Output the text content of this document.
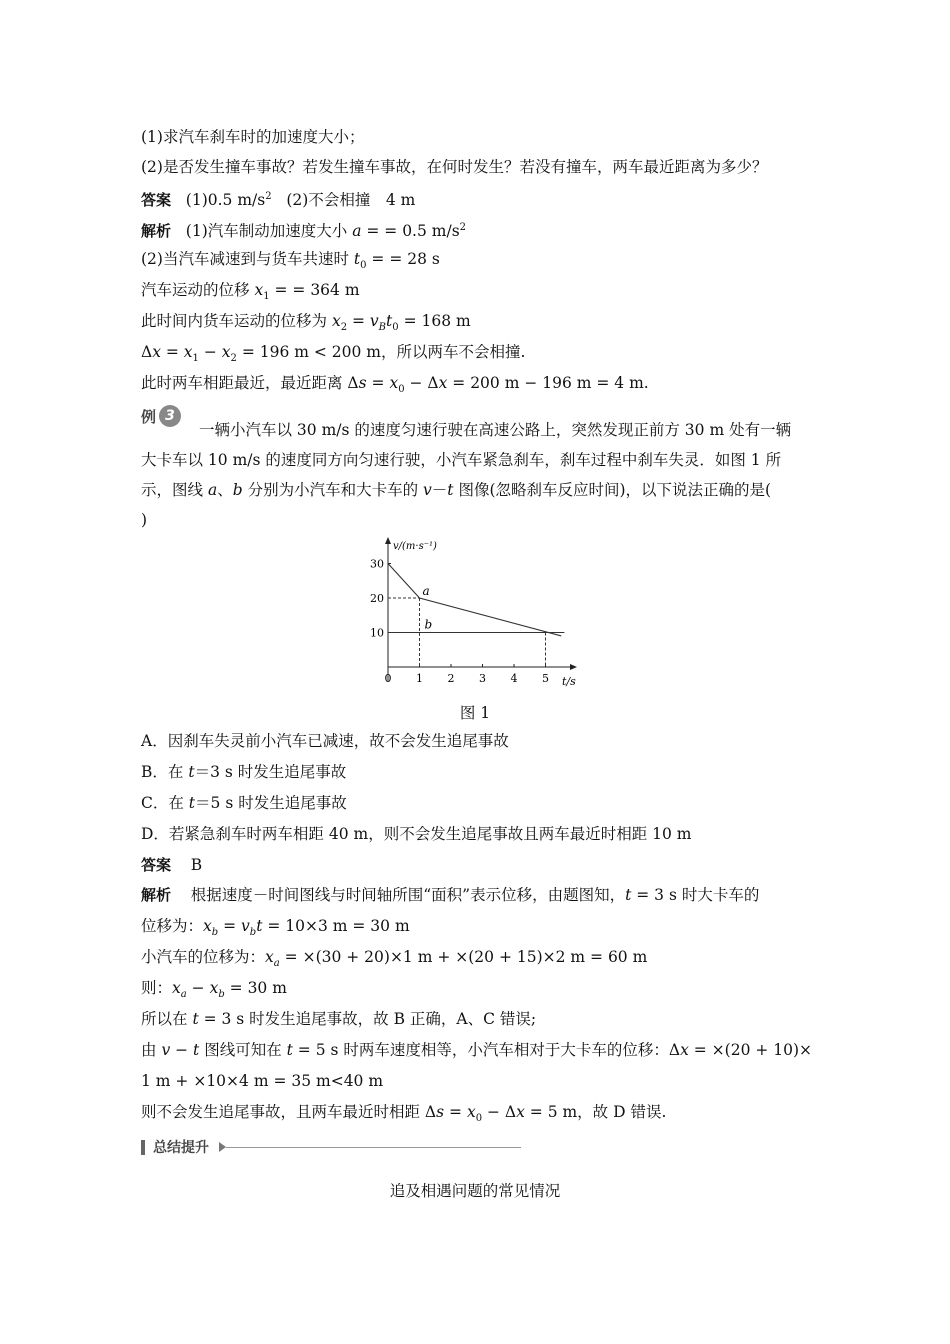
(1)求汽车刹车时的加速度大小；
(2)是否发生撞车事故？若发生撞车事故，在何时发生？若没有撞车，两车最近距离为多少？
答案 (1)0.5 $m/s^2$ (2)不会相撞　4 m
解析 (1)汽车制动加速度大小 a = = 0.5 $m/s^2$
(2)当汽车减速到与货车共速时 $t_0$ = = 28 s
汽车运动的位移 $x_1$ = = 364 m
此时间内货车运动的位移为 $x_2 = v_Bt_0 = 168$ m
$\Delta x = x_1 - x_2 = 196$ m < 200 m，所以两车不会相撞.
此时两车相距最近，最近距离 $\Delta s = x_0 - \Delta x = 200$ m − 196 m = 4 m.
例 3
一辆小汽车以 30 m/s 的速度匀速行驶在高速公路上，突然发现正前方 30 m 处有一辆
大卡车以 10 m/s 的速度同方向匀速行驶，小汽车紧急刹车，刹车过程中刹车失灵．如图 1 所
示，图线 a、b 分别为小汽车和大卡车的 v－t 图像(忽略刹车反应时间)，以下说法正确的是(
)
v/(m·s⁻¹)
t/s
0 1 2 3 4 5
10
20
30
a
b
图 1
A．因刹车失灵前小汽车已减速，故不会发生追尾事故
B．在 t＝3 s 时发生追尾事故
C．在 t＝5 s 时发生追尾事故
D．若紧急刹车时两车相距 40 m，则不会发生追尾事故且两车最近时相距 10 m
答案 B
解析 根据速度－时间图线与时间轴所围“面积”表示位移，由题图知，t = 3 s 时大卡车的
位移为：$x_b = v_bt = 10\times 3$ m = 30 m
小汽车的位移为：$x_a = \times(30 + 20)\times 1$ m + ×(20 + 15)×2 m = 60 m
则：$x_a - x_b = 30$ m
所以在 t = 3 s 时发生追尾事故，故 B 正确，A、C 错误;
由 v − t 图线可知在 t = 5 s 时两车速度相等，小汽车相对于大卡车的位移：Δx = ×(20 + 10)×
1 m + ×10×4 m = 35 m<40 m
则不会发生追尾事故，且两车最近时相距 $\Delta s = x_0 - \Delta x = 5$ m，故 D 错误.
总结提升
追及相遇问题的常见情况
